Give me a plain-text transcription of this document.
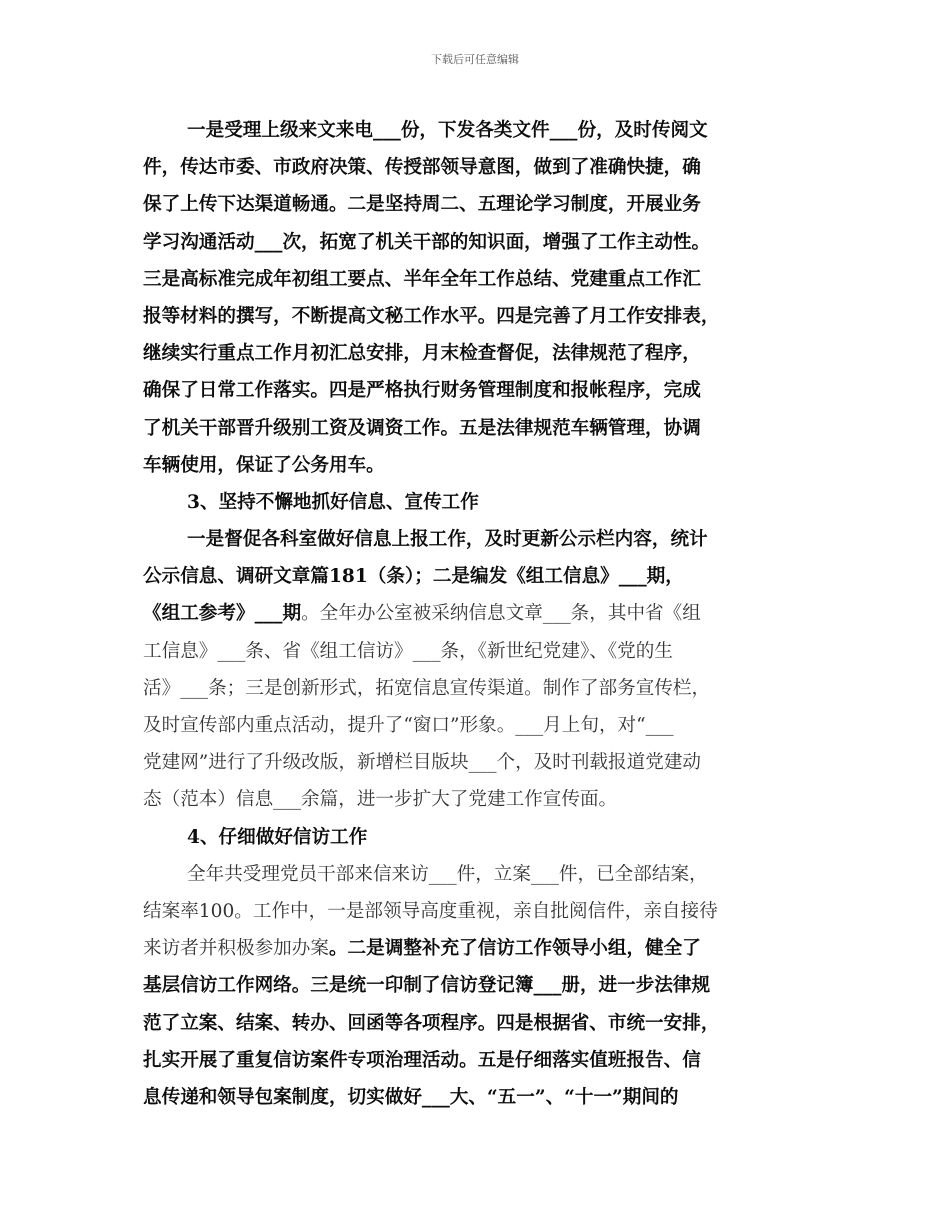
下载后可任意编辑
一是受理上级来文来电___份，下发各类文件___份，及时传阅文
件，传达市委、市政府决策、传授部领导意图，做到了准确快捷，确
保了上传下达渠道畅通。二是坚持周二、五理论学习制度，开展业务
学习沟通活动___次，拓宽了机关干部的知识面，增强了工作主动性。
三是高标准完成年初组工要点、半年全年工作总结、党建重点工作汇
报等材料的撰写，不断提高文秘工作水平。四是完善了月工作安排表，
继续实行重点工作月初汇总安排，月末检查督促，法律规范了程序，
确保了日常工作落实。四是严格执行财务管理制度和报帐程序，完成
了机关干部晋升级别工资及调资工作。五是法律规范车辆管理，协调
车辆使用，保证了公务用车。
3、坚持不懈地抓好信息、宣传工作
一是督促各科室做好信息上报工作，及时更新公示栏内容，统计
公示信息、调研文章篇181（条）；二是编发《组工信息》___期，
《组工参考》___期。全年办公室被采纳信息文章___条，其中省《组
工信息》___条、省《组工信访》___条，《新世纪党建》、《党的生
活》___条；三是创新形式，拓宽信息宣传渠道。制作了部务宣传栏，
及时宣传部内重点活动，提升了“窗口”形象。___月上旬，对“___
党建网”进行了升级改版，新增栏目版块___个，及时刊载报道党建动
态（范本）信息___余篇，进一步扩大了党建工作宣传面。
4、仔细做好信访工作
全年共受理党员干部来信来访___件，立案___件，已全部结案，
结案率100。工作中，一是部领导高度重视，亲自批阅信件，亲自接待
来访者并积极参加办案。二是调整补充了信访工作领导小组，健全了
基层信访工作网络。三是统一印制了信访登记簿___册，进一步法律规
范了立案、结案、转办、回函等各项程序。四是根据省、市统一安排，
扎实开展了重复信访案件专项治理活动。五是仔细落实值班报告、信
息传递和领导包案制度，切实做好___大、“五一”、“十一”期间的
